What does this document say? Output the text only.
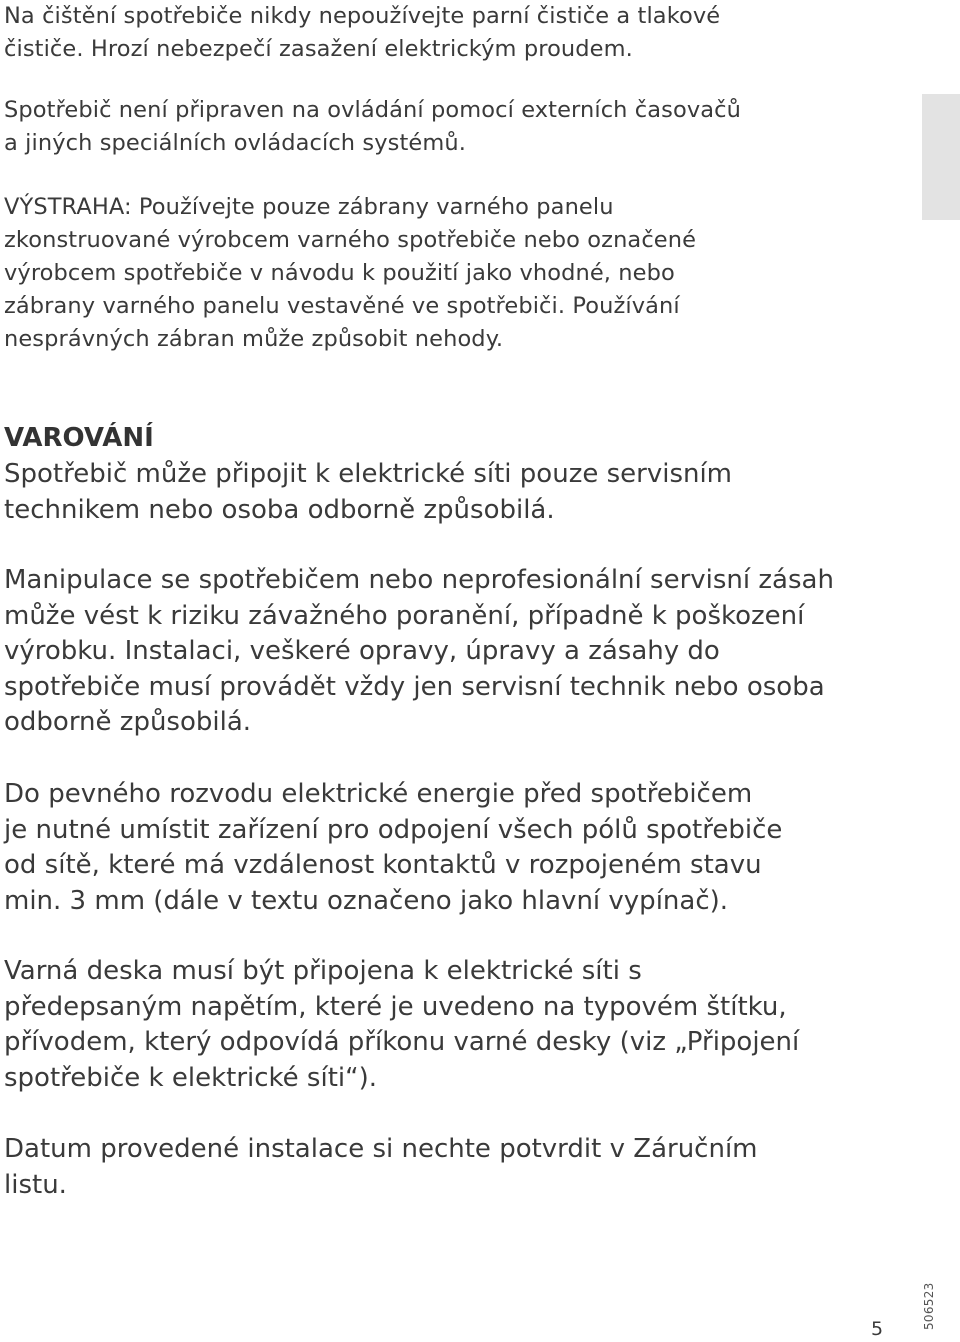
Na čištění spotřebiče nikdy nepoužívejte parní čističe a tlakové
čističe. Hrozí nebezpečí zasažení elektrickým proudem.

Spotřebič není připraven na ovládání pomocí externích časovačů
a jiných speciálních ovládacích systémů.

VÝSTRAHA: Používejte pouze zábrany varného panelu
zkonstruované výrobcem varného spotřebiče nebo označené
výrobcem spotřebiče v návodu k použití jako vhodné, nebo
zábrany varného panelu vestavěné ve spotřebiči. Používání
nesprávných zábran může způsobit nehody.

VAROVÁNÍ

Spotřebič může připojit k elektrické síti pouze servisním
technikem nebo osoba odborně způsobilá.

Manipulace se spotřebičem nebo neprofesionální servisní zásah
může vést k riziku závažného poranění, případně k poškození
výrobku. Instalaci, veškeré opravy, úpravy a zásahy do
spotřebiče musí provádět vždy jen servisní technik nebo osoba
odborně způsobilá.

Do pevného rozvodu elektrické energie před spotřebičem
je nutné umístit zařízení pro odpojení všech pólů spotřebiče
od sítě, které má vzdálenost kontaktů v rozpojeném stavu
min. 3 mm (dále v textu označeno jako hlavní vypínač).

Varná deska musí být připojena k elektrické síti s
předepsaným napětím, které je uvedeno na typovém štítku,
přívodem, který odpovídá příkonu varné desky (viz „Připojení
spotřebiče k elektrické síti“).

Datum provedené instalace si nechte potvrdit v Záručním
listu.

5	506523
